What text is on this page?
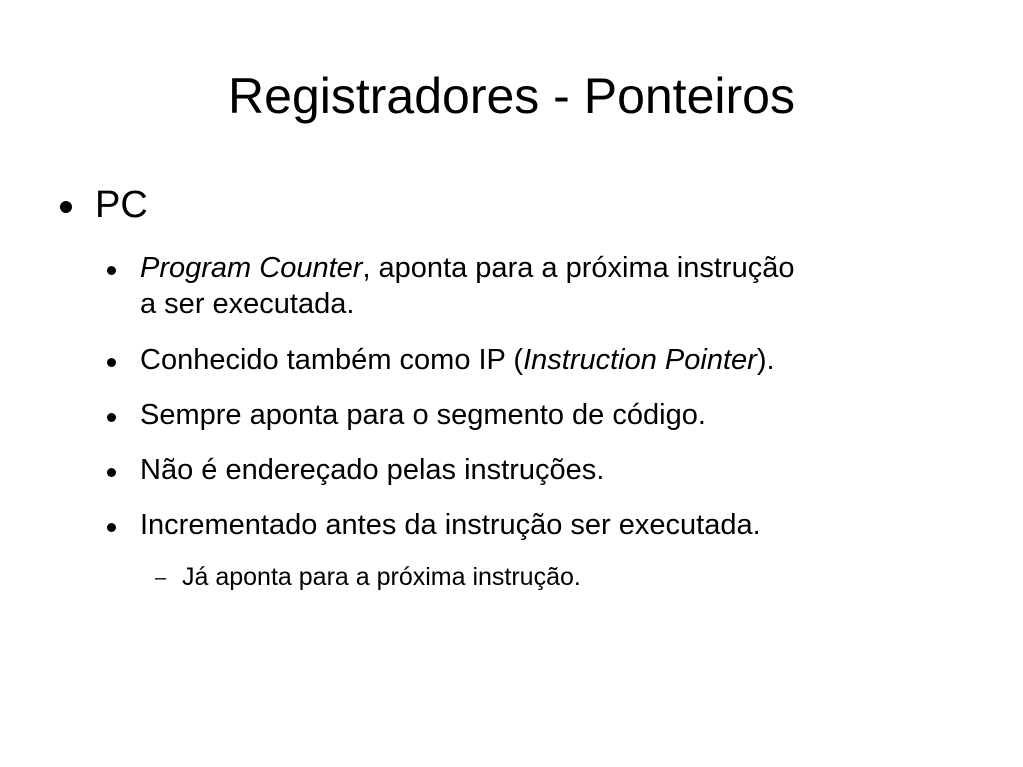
Registradores - Ponteiros
PC
Program Counter, aponta para a próxima instrução
a ser executada.
Conhecido também como IP (Instruction Pointer).
Sempre aponta para o segmento de código.
Não é endereçado pelas instruções.
Incrementado antes da instrução ser executada.
– Já aponta para a próxima instrução.
